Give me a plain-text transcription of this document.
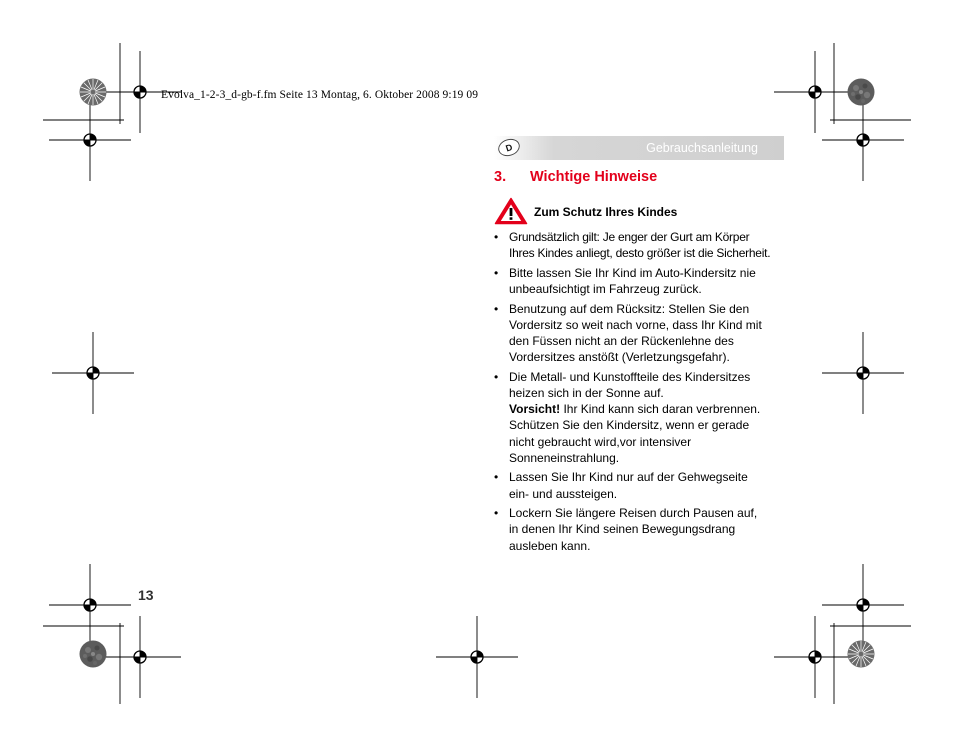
Evolva_1-2-3_d-gb-f.fm Seite 13 Montag, 6. Oktober 2008 9:19 09
D	Gebrauchsanleitung
3. Wichtige Hinweise
Zum Schutz Ihres Kindes
• Grundsätzlich gilt: Je enger der Gurt am Körper
Ihres Kindes anliegt, desto größer ist die Sicherheit.
• Bitte lassen Sie Ihr Kind im Auto-Kindersitz nie
unbeaufsichtigt im Fahrzeug zurück.
• Benutzung auf dem Rücksitz: Stellen Sie den
Vordersitz so weit nach vorne, dass Ihr Kind mit
den Füssen nicht an der Rückenlehne des
Vordersitzes anstößt (Verletzungsgefahr).
• Die Metall- und Kunstoffteile des Kindersitzes
heizen sich in der Sonne auf.
Vorsicht! Ihr Kind kann sich daran verbrennen.
Schützen Sie den Kindersitz, wenn er gerade
nicht gebraucht wird,vor intensiver
Sonneneinstrahlung.
• Lassen Sie Ihr Kind nur auf der Gehwegseite
ein- und aussteigen.
• Lockern Sie längere Reisen durch Pausen auf,
in denen Ihr Kind seinen Bewegungsdrang
ausleben kann.
13
